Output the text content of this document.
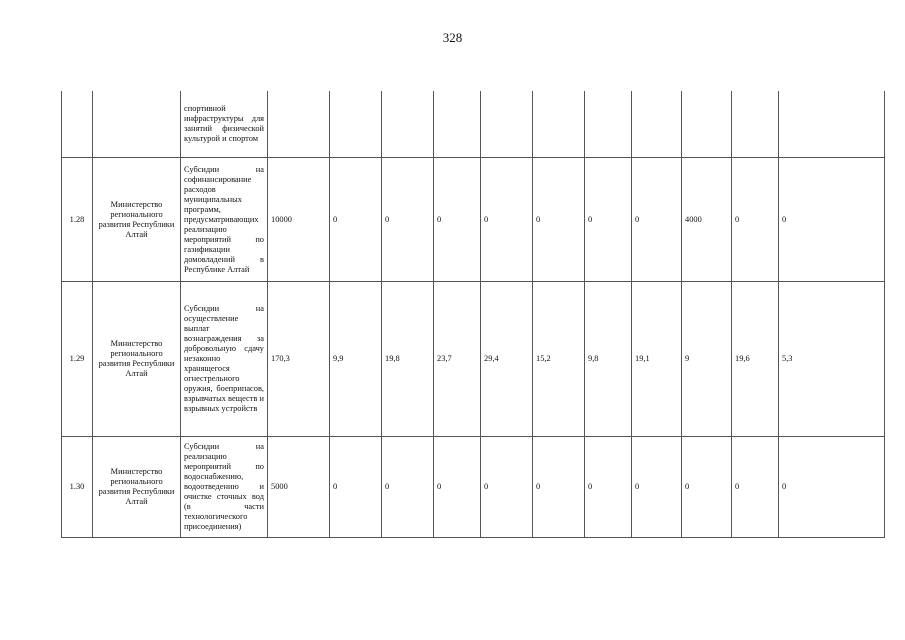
328
		спортивной инфраструктуры для занятий физической культурой и спортом												
1.28	Министерство регионального развития Республики Алтай	Субсидии на софинансирование расходов муниципальных программ, предусматривающих реализацию мероприятий по газификации домовладений в Республике Алтай	10000	0	0	0	0	0	0	0	4000	0	0	
1.29	Министерство регионального развития Республики Алтай	Субсидии на осуществление выплат вознаграждения за добровольную сдачу незаконно хранящегося огнестрельного оружия, боеприпасов, взрывчатых веществ и взрывных устройств	170,3	9,9	19,8	23,7	29,4	15,2	9,8	19,1	9	19,6	5,3	
1.30	Министерство регионального развития Республики Алтай	Субсидии на реализацию мероприятий по водоснабжению, водоотведению и очистке сточных вод (в части технологического присоединения)	5000	0	0	0	0	0	0	0	0	0	0	
